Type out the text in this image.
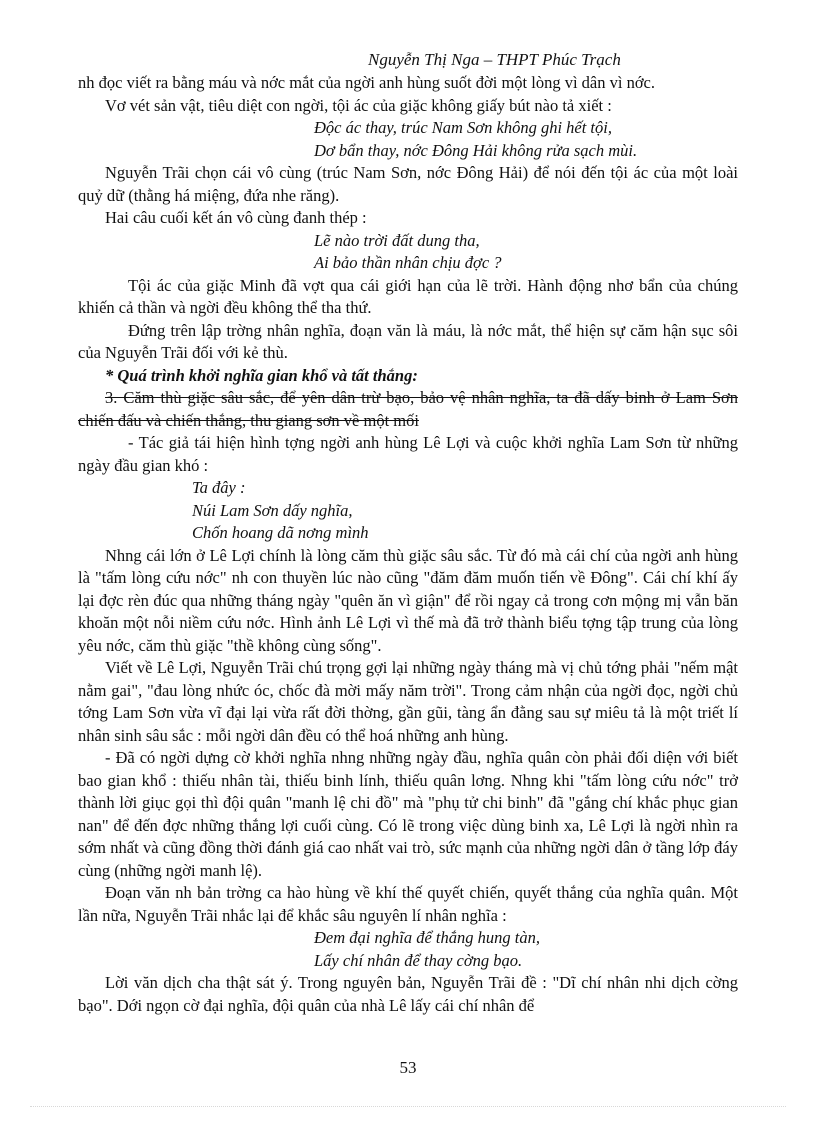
Nguyễn Thị Nga – THPT Phúc Trạch

nh đọc viết ra bằng máu và nớc mắt của ngời anh hùng suốt đời một lòng vì dân vì nớc.

Vơ vét sản vật, tiêu diệt con ngời, tội ác của giặc không giấy bút nào tả xiết :

Độc ác thay, trúc Nam Sơn không ghi hết tội,

Dơ bẩn thay, nớc Đông Hải không rửa sạch mùi.

Nguyễn Trãi chọn cái vô cùng (trúc Nam Sơn, nớc Đông Hải) để nói đến tội ác của một loài quỷ dữ (thằng há miệng, đứa nhe răng).

Hai câu cuối kết án vô cùng đanh thép :

Lẽ nào trời đất dung tha,

Ai bảo thần nhân chịu đợc ?

Tội ác của giặc Minh đã vợt qua cái giới hạn của lẽ trời. Hành động nhơ bẩn của chúng khiến cả thần và ngời đều không thể tha thứ.

Đứng trên lập trờng nhân nghĩa, đoạn văn là máu, là nớc mắt, thể hiện sự căm hận sục sôi của Nguyễn Trãi đối với kẻ thù.

* Quá trình khởi nghĩa gian khổ và tất thắng:

3. Căm thù giặc sâu sắc, để yên dân trừ bạo, bảo vệ nhân nghĩa, ta đã dấy binh ở Lam Sơn chiến đấu và chiến thắng, thu giang sơn về một mối

- Tác giả tái hiện hình tợng ngời anh hùng Lê Lợi và cuộc khởi nghĩa Lam Sơn từ những ngày đầu gian khó :

Ta đây :

Núi Lam Sơn dấy nghĩa,

Chốn hoang dã nơng mình

Nhng cái lớn ở Lê Lợi chính là lòng căm thù giặc sâu sắc. Từ đó mà cái chí của ngời anh hùng là "tấm lòng cứu nớc" nh con thuyền lúc nào cũng "đăm đăm muốn tiến về Đông". Cái chí khí ấy lại đợc rèn đúc qua những tháng ngày "quên ăn vì giận" để rồi ngay cả trong cơn mộng mị vẫn băn khoăn một nỗi niềm cứu nớc. Hình ảnh Lê Lợi vì thế mà đã trở thành biểu tợng tập trung của lòng yêu nớc, căm thù giặc "thề không cùng sống".

Viết về Lê Lợi, Nguyễn Trãi chú trọng gợi lại những ngày tháng mà vị chủ tớng phải "nếm mật nằm gai", "đau lòng nhức óc, chốc đà mời mấy năm trời". Trong cảm nhận của ngời đọc, ngời chủ tớng Lam Sơn vừa vĩ đại lại vừa rất đời thờng, gần gũi, tàng ẩn đằng sau sự miêu tả là một triết lí nhân sinh sâu sắc : mỗi ngời dân đều có thể hoá những anh hùng.

- Đã có ngời dựng cờ khởi nghĩa nhng những ngày đầu, nghĩa quân còn phải đối diện với biết bao gian khổ : thiếu nhân tài, thiếu binh lính, thiếu quân lơng. Nhng khi "tấm lòng cứu nớc" trở thành lời giục gọi thì đội quân "manh lệ chi đồ" mà "phụ tử chi binh" đã "gắng chí khắc phục gian nan" để đến đợc những thắng lợi cuối cùng. Có lẽ trong việc dùng binh xa, Lê Lợi là ngời nhìn ra sớm nhất và cũng đồng thời đánh giá cao nhất vai trò, sức mạnh của những ngời dân ở tầng lớp đáy cùng (những ngời manh lệ).

Đoạn văn nh bản trờng ca hào hùng về khí thế quyết chiến, quyết thắng của nghĩa quân. Một lần nữa, Nguyễn Trãi nhắc lại để khắc sâu nguyên lí nhân nghĩa :

Đem đại nghĩa để thắng hung tàn,

Lấy chí nhân để thay cờng bạo.

Lời văn dịch cha thật sát ý. Trong nguyên bản, Nguyễn Trãi đề : "Dĩ chí nhân nhi dịch cờng bạo". Dới ngọn cờ đại nghĩa, đội quân của nhà Lê lấy cái chí nhân để

53
